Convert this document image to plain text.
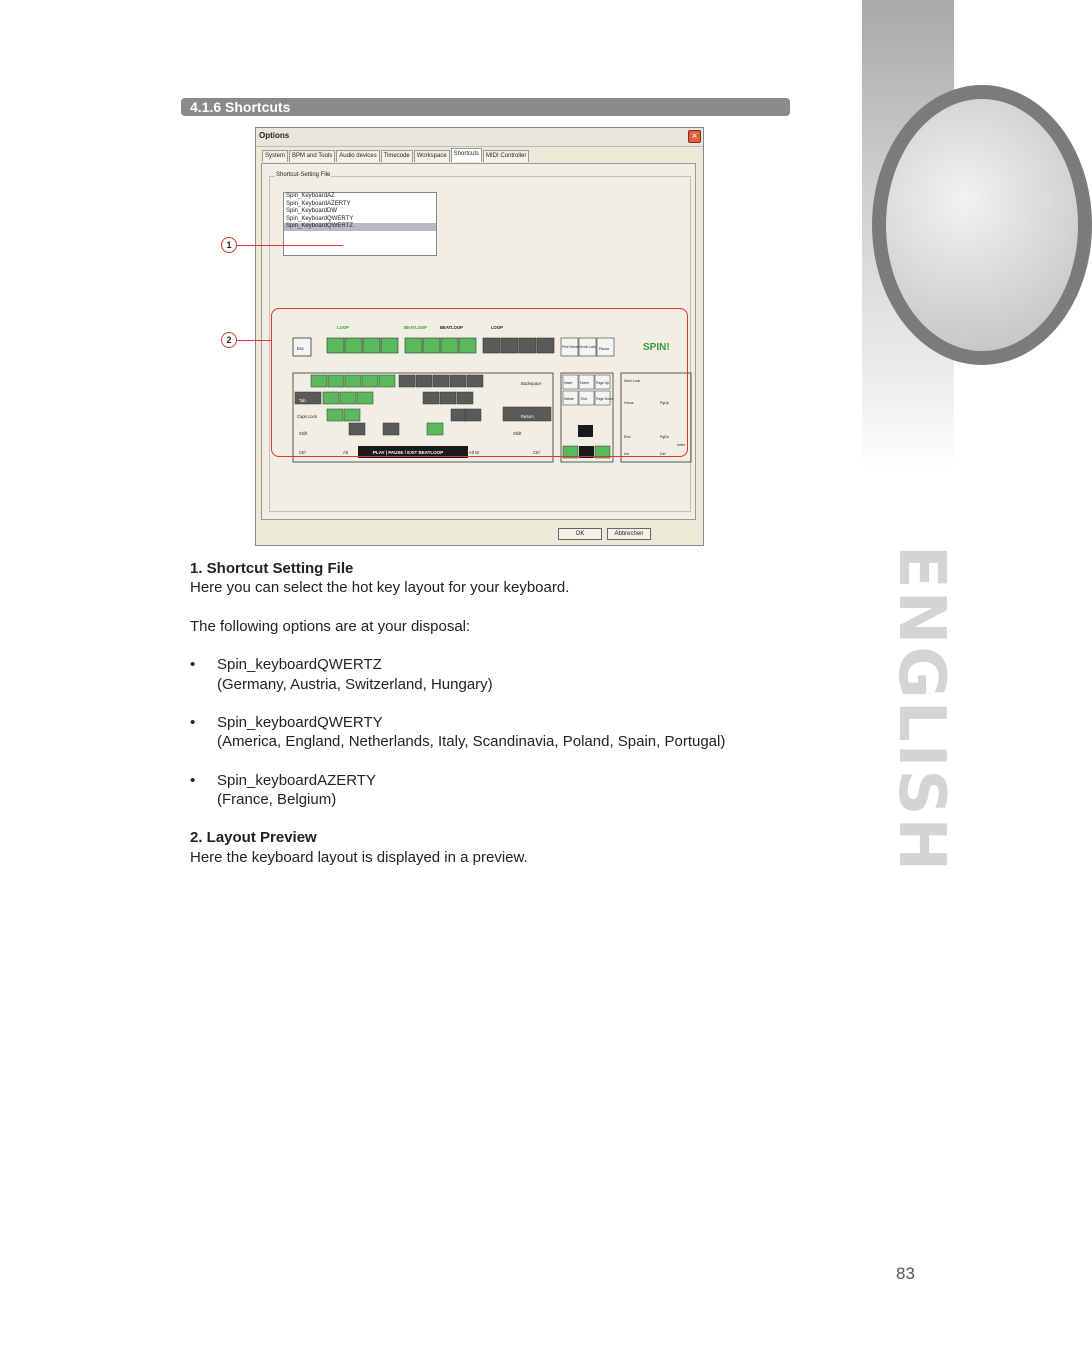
ENGLISH
4.1.6 Shortcuts
Options	×
System	BPM and Tools	Audio devices	Timecode	Workspace	Shortcuts	MIDI Controller
Shortcut-Setting File
Spin_KeyboardAZ
Spin_KeyboardAZERTY
Spin_KeyboardDW
Spin_KeyboardQWERTY
Spin_KeyboardQWERTZ
LOOP	BEATLOOP	BEATLOOP	LOOP
Esc	Print Screen Scroll Lock Pause	SPIN!
PLAY | PAUSE / EXIT BEATLOOP
Backspace
Tab
Caps Lock	Return
Shift	Shift
Ctrl	Alt	Alt Gr	Ctrl
Insert Home Page Up
Delete End	Page Down
Num Lock
Home	PgUp
End	PgDn
Ins	Del
enter
OK	Abbrechen
1
2
1. Shortcut Setting File
Here you can select the hot key layout for your keyboard.
The following options are at your disposal:
• Spin_keyboardQWERTZ
(Germany, Austria, Switzerland, Hungary)
• Spin_keyboardQWERTY
(America, England, Netherlands, Italy, Scandinavia, Poland, Spain, Portugal)
• Spin_keyboardAZERTY
(France, Belgium)
2. Layout Preview
Here the keyboard layout is displayed in a preview.
83
